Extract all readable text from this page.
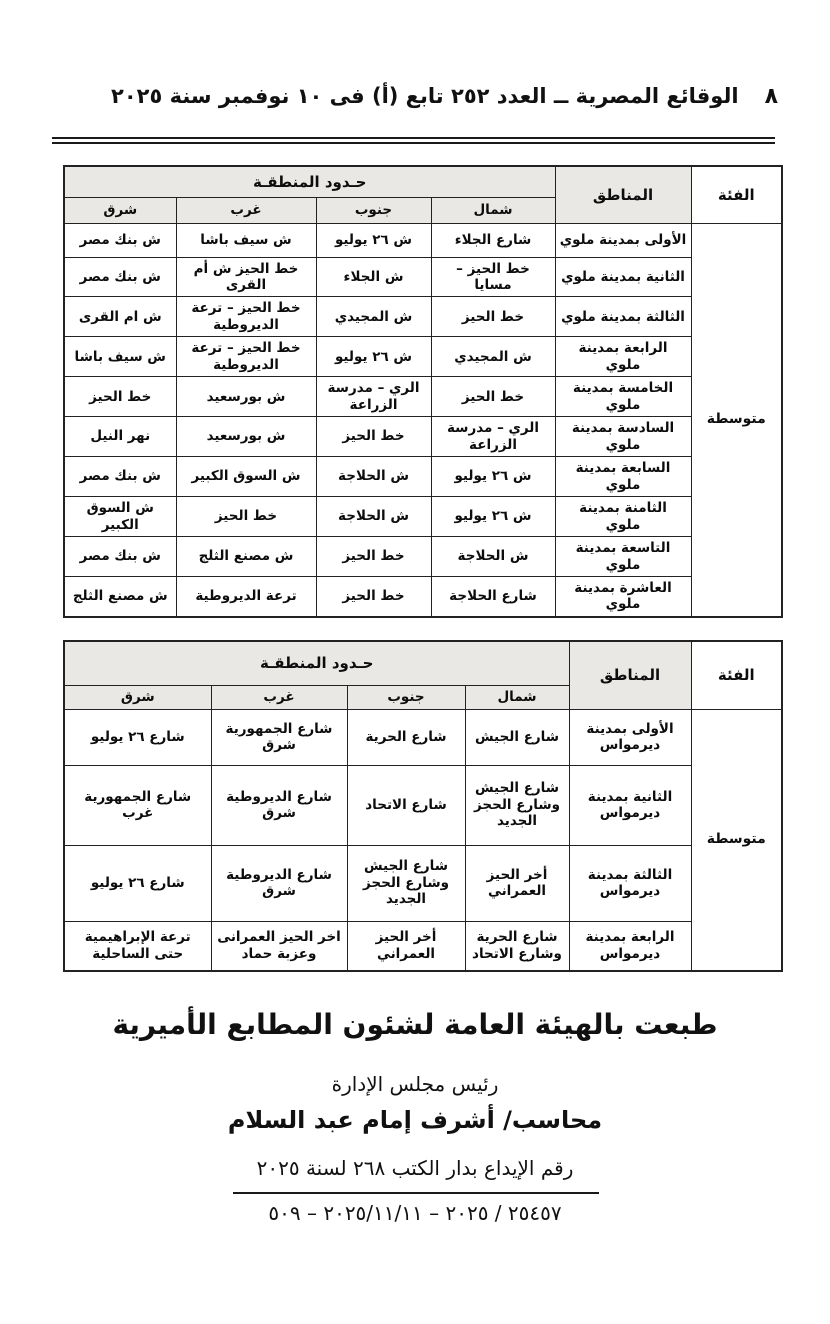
٨
الوقائع المصرية ــ العدد ٢٥٢ تابع (أ) فى ١٠ نوفمبر سنة ٢٠٢٥
الفئة	المناطق	حـدود المنطقـة			
		شمال	جنوب	غرب	شرق
متوسطة	الأولى بمدينة ملوي	شارع الجلاء	ش ٢٦ يوليو	ش سيف باشا	ش بنك مصر
	الثانية بمدينة ملوي	خط الحيز – مسايا	ش الجلاء	خط الحيز ش أم القرى	ش بنك مصر
	الثالثة بمدينة ملوي	خط الحيز	ش المجيدي	خط الحيز – ترعة الديروطية	ش ام القرى
	الرابعة بمدينة ملوي	ش المجيدي	ش ٢٦ يوليو	خط الحيز – ترعة الديروطية	ش سيف باشا
	الخامسة بمدينة ملوي	خط الحيز	الري – مدرسة الزراعة	ش بورسعيد	خط الحيز
	السادسة بمدينة ملوي	الري – مدرسة الزراعة	خط الحيز	ش بورسعيد	نهر النيل
	السابعة بمدينة ملوي	ش ٢٦ يوليو	ش الحلاجة	ش السوق الكبير	ش بنك مصر
	الثامنة بمدينة ملوي	ش ٢٦ يوليو	ش الحلاجة	خط الحيز	ش السوق الكبير
	التاسعة بمدينة ملوي	ش الحلاجة	خط الحيز	ش مصنع الثلج	ش بنك مصر
	العاشرة بمدينة ملوي	شارع الحلاجة	خط الحيز	ترعة الديروطية	ش مصنع الثلج
الفئة	المناطق	حـدود المنطقـة			
		شمال	جنوب	غرب	شرق
متوسطة	الأولى بمدينة ديرمواس	شارع الجيش	شارع الحرية	شارع الجمهورية شرق	شارع ٢٦ يوليو
	الثانية بمدينة ديرمواس	شارع الجيش وشارع الحجز الجديد	شارع الاتحاد	شارع الديروطية شرق	شارع الجمهورية غرب
	الثالثة بمدينة ديرمواس	أخر الحيز العمراني	شارع الجيش وشارع الحجز الجديد	شارع الديروطية شرق	شارع ٢٦ يوليو
	الرابعة بمدينة ديرمواس	شارع الحرية وشارع الاتحاد	أخر الحيز العمراني	اخر الحيز العمرانى وعزبة حماد	ترعة الإبراهيمية حتى الساحلية
طبعت بالهيئة العامة لشئون المطابع الأميرية
رئيس مجلس الإدارة
محاسب/ أشرف إمام عبد السلام
رقم الإيداع بدار الكتب ٢٦٨ لسنة ٢٠٢٥
٢٥٤٥٧ / ٢٠٢٥ – ٢٠٢٥/١١/١١ – ٥٠٩
